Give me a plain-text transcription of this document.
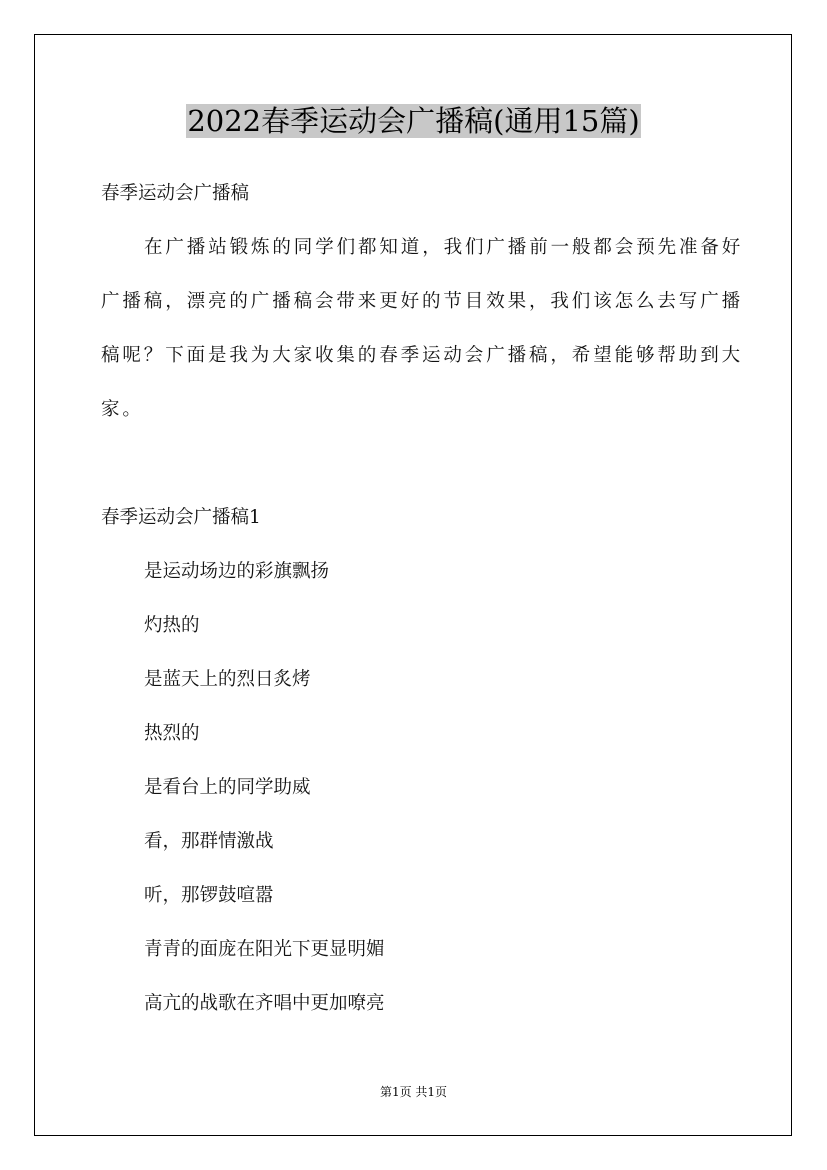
2022春季运动会广播稿(通用15篇)
春季运动会广播稿
在广播站锻炼的同学们都知道，我们广播前一般都会预先准备好
广播稿，漂亮的广播稿会带来更好的节目效果，我们该怎么去写广播
稿呢？下面是我为大家收集的春季运动会广播稿，希望能够帮助到大
家。
春季运动会广播稿1
是运动场边的彩旗飘扬
灼热的
是蓝天上的烈日炙烤
热烈的
是看台上的同学助威
看，那群情激战
听，那锣鼓喧嚣
青青的面庞在阳光下更显明媚
高亢的战歌在齐唱中更加嘹亮
第1页 共1页
